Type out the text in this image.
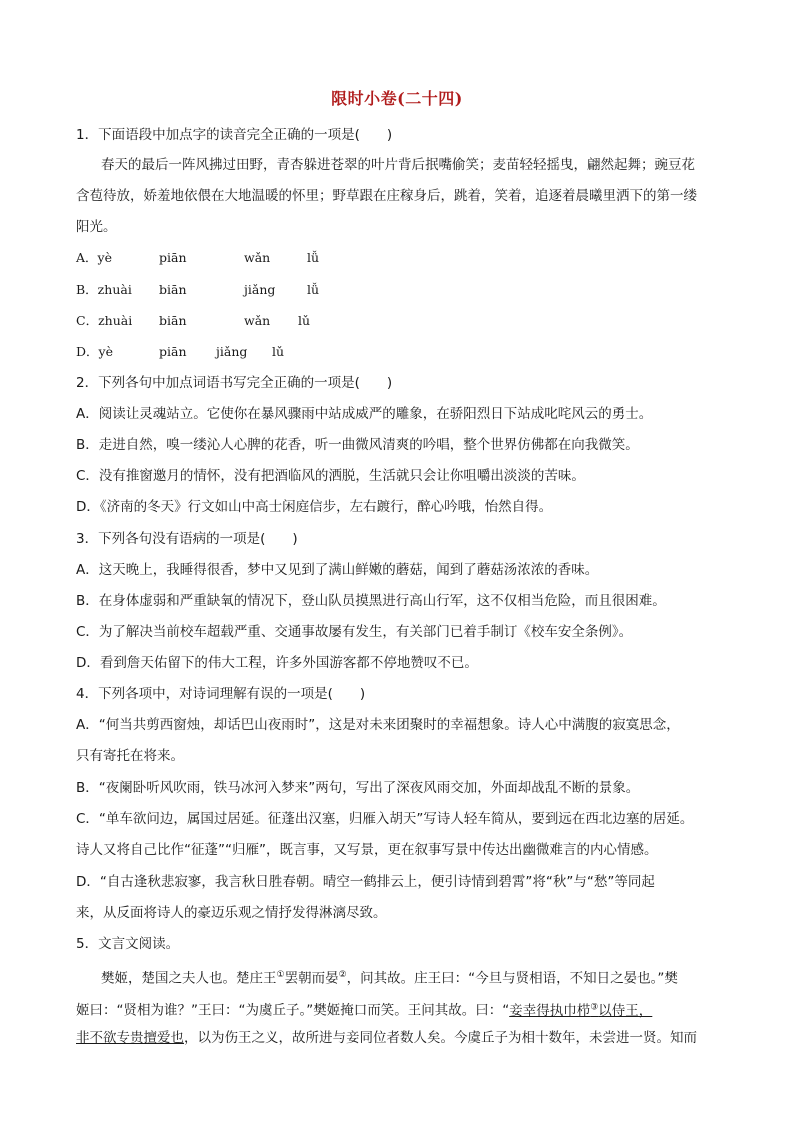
限时小卷(二十四)
1．下面语段中加点字的读音完全正确的一项是(　　)
春天的最后一阵风拂过田野，青杏躲进苍翠的叶片背后抿嘴偷笑；麦苗轻轻摇曳，翩然起舞；豌豆花
含苞待放，娇羞地依偎在大地温暖的怀里；野草跟在庄稼身后，跳着，笑着，追逐着晨曦里洒下的第一缕
阳光。
A．yè	piān	wǎn	lǚ
B．zhuài biān	jiǎng	lǚ
C．zhuài biān	wǎn lǔ
D．yè	piān jiǎng lǔ
2．下列各句中加点词语书写完全正确的一项是(　　)
A．阅读让灵魂站立。它使你在暴风骤雨中站成威严的雕象，在骄阳烈日下站成叱咤风云的勇士。
B．走进自然，嗅一缕沁人心脾的花香，听一曲微风清爽的吟唱，整个世界仿佛都在向我微笑。
C．没有推窗邀月的情怀，没有把酒临风的洒脱，生活就只会让你咀嚼出淡淡的苦味。
D．《济南的冬天》行文如山中高士闲庭信步，左右踱行，醉心吟哦，怡然自得。
3．下列各句没有语病的一项是(　　)
A．这天晚上，我睡得很香，梦中又见到了满山鲜嫩的蘑菇，闻到了蘑菇汤浓浓的香味。
B．在身体虚弱和严重缺氧的情况下，登山队员摸黑进行高山行军，这不仅相当危险，而且很困难。
C．为了解决当前校车超载严重、交通事故屡有发生，有关部门已着手制订《校车安全条例》。
D．看到詹天佑留下的伟大工程，许多外国游客都不停地赞叹不已。
4．下列各项中，对诗词理解有误的一项是(　　)
A．“何当共剪西窗烛，却话巴山夜雨时”，这是对未来团聚时的幸福想象。诗人心中满腹的寂寞思念，
只有寄托在将来。
B．“夜阑卧听风吹雨，铁马冰河入梦来”两句，写出了深夜风雨交加，外面却战乱不断的景象。
C．“单车欲问边，属国过居延。征蓬出汉塞，归雁入胡天”写诗人轻车简从，要到远在西北边塞的居延。
诗人又将自己比作“征蓬”“归雁”，既言事，又写景，更在叙事写景中传达出幽微难言的内心情感。
D．“自古逢秋悲寂寥，我言秋日胜春朝。晴空一鹤排云上，便引诗情到碧霄”将“秋”与“愁”等同起
来，从反面将诗人的豪迈乐观之情抒发得淋漓尽致。
5．文言文阅读。
樊姬，楚国之夫人也。楚庄王①罢朝而晏②，问其故。庄王曰：“今旦与贤相语，不知日之晏也。”樊
姬曰：“贤相为谁？”王曰：“为虞丘子。”樊姬掩口而笑。王问其故。曰：“妾幸得执巾栉③以侍王，
非不欲专贵擅爱也，以为伤王之义，故所进与妾同位者数人矣。今虞丘子为相十数年，未尝进一贤。知而
